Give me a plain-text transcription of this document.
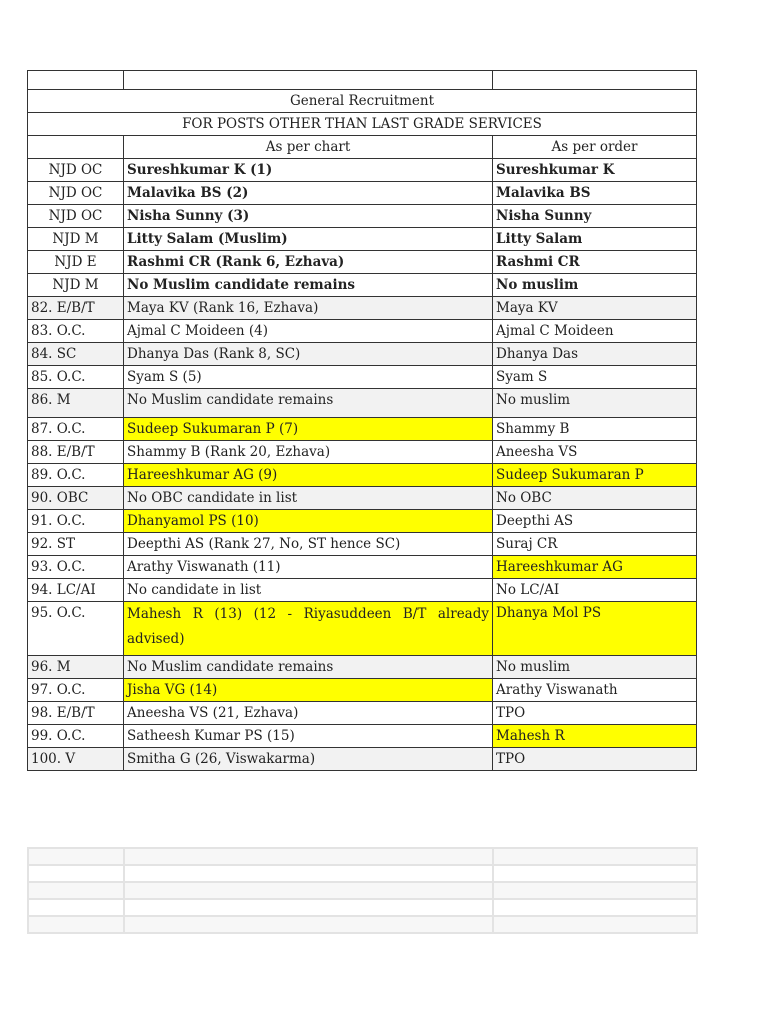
General Recruitment		
FOR POSTS OTHER THAN LAST GRADE SERVICES		
	As per chart	As per order
NJD OC	Sureshkumar K (1)	Sureshkumar K
NJD OC	Malavika BS (2)	Malavika BS
NJD OC	Nisha Sunny (3)	Nisha Sunny
NJD M	Litty Salam (Muslim)	Litty Salam
NJD E	Rashmi CR (Rank 6, Ezhava)	Rashmi CR
NJD M	No Muslim candidate remains	No muslim
82. E/B/T	Maya KV (Rank 16, Ezhava)	Maya KV
83. O.C.	Ajmal C Moideen (4)	Ajmal C Moideen
84. SC	Dhanya Das (Rank 8, SC)	Dhanya Das
85. O.C.	Syam S (5)	Syam S
86. M	No Muslim candidate remains	No muslim
87. O.C.	Sudeep Sukumaran P (7)	Shammy B
88. E/B/T	Shammy B (Rank 20, Ezhava)	Aneesha VS
89. O.C.	Hareeshkumar AG (9)	Sudeep Sukumaran P
90. OBC	No OBC candidate in list	No OBC
91. O.C.	Dhanyamol PS (10)	Deepthi AS
92. ST	Deepthi AS (Rank 27, No, ST hence SC)	Suraj CR
93. O.C.	Arathy Viswanath (11)	Hareeshkumar AG
94. LC/AI	No candidate in list	No LC/AI
95. O.C.	Mahesh R (13) (12 - Riyasuddeen B/T already advised)	Dhanya Mol PS
96. M	No Muslim candidate remains	No muslim
97. O.C.	Jisha VG (14)	Arathy Viswanath
98. E/B/T	Aneesha VS (21, Ezhava)	TPO
99. O.C.	Satheesh Kumar PS (15)	Mahesh R
100. V	Smitha G (26, Viswakarma)	TPO
